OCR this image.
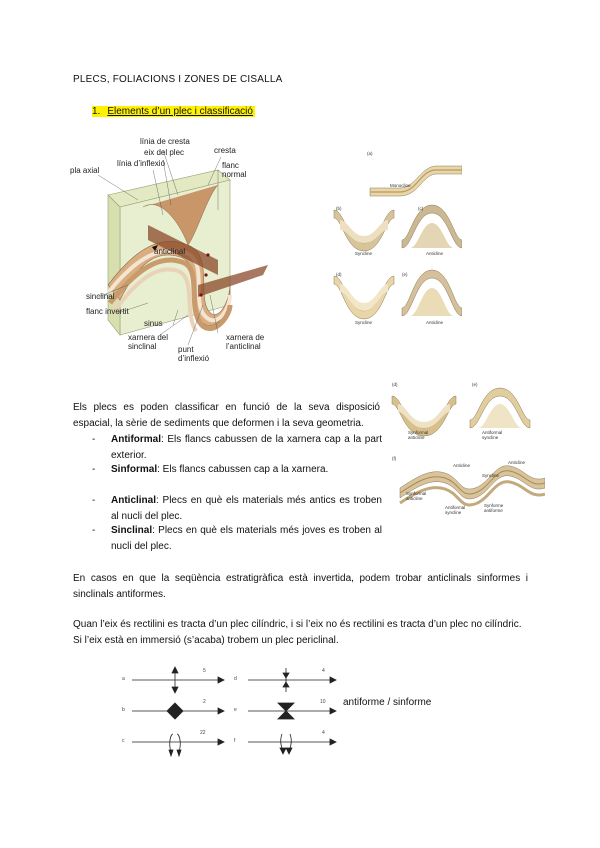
PLECS, FOLIACIONS I ZONES DE CISALLA
1. Elements d’un plec i classificació
pla axial
línia de cresta
eix del plec
línia d’inflexió
cresta
flanc
normal
anticlinal
sinclinal
flanc invertit
sinus
xarnera del
sinclinal	punt
d’inflexió
xarnera de
l’anticlinal
(a)
Monocline
(b)	(c)
Syncline	Anticline
(d)	(e)
Syncline	Anticline
(d)	(e)
Synformal
anticline
Antiformal
syncline
(f)
Anticline
Anticline
Syncline
Synformal
anticline
Antiformal
syncline
Synforme
antiforme
Els plecs es poden classificar en funció de la seva disposició espacial, la sèrie de sediments que deformen i la seva geometria.
- Antiformal: Els flancs cabussen de la xarnera cap a la part exterior.
- Sinformal: Els flancs cabussen cap a la xarnera.
- Anticlinal: Plecs en què els materials més antics es troben al nucli del plec.
- Sinclinal: Plecs en què els materials més joves es troben al nucli del plec.
En casos en que la seqüència estratigràfica està invertida, podem trobar anticlinals sinformes i sinclinals antiformes.
Quan l’eix és rectilini es tracta d’un plec cilíndric, i si l’eix no és rectilini es tracta d’un plec no cilíndric. Si l’eix està en immersió (s’acaba) trobem un plec periclinal.
a
b
c
d
e
f
5
2
22
4
10
4
antiforme / sinforme
